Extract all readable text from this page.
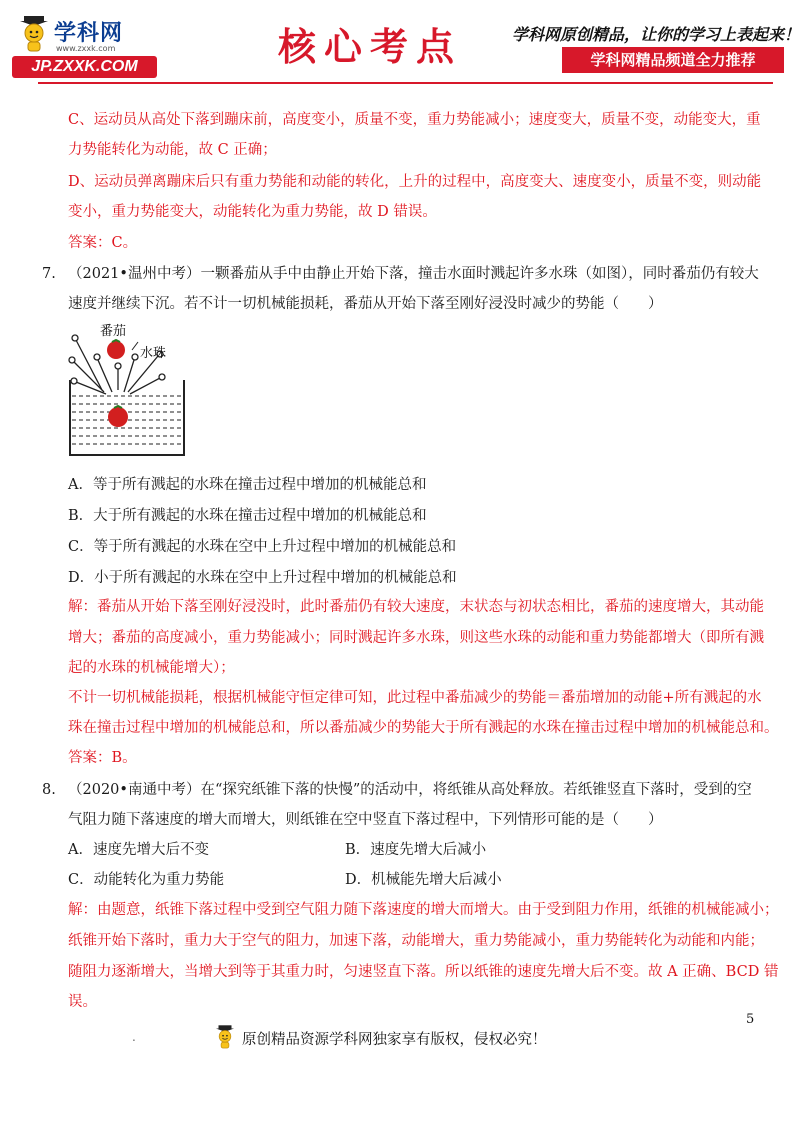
学科网
www.zxxk.com
JP.ZXXK.COM	核心考点	学科网原创精品，让你的学习上表起来！
学科网精品频道全力推荐
C、运动员从高处下落到蹦床前，高度变小，质量不变，重力势能减小；速度变大，质量不变，动能变大，重
力势能转化为动能，故 C 正确；
D、运动员弹离蹦床后只有重力势能和动能的转化，上升的过程中，高度变大、速度变小，质量不变，则动能
变小，重力势能变大，动能转化为重力势能，故 D 错误。
答案：C。
7. （2021•温州中考）一颗番茄从手中由静止开始下落，撞击水面时溅起许多水珠（如图），同时番茄仍有较大
速度并继续下沉。若不计一切机械能损耗，番茄从开始下落至刚好浸没时减少的势能（　　）
番茄
水珠
A．等于所有溅起的水珠在撞击过程中增加的机械能总和
B．大于所有溅起的水珠在撞击过程中增加的机械能总和
C．等于所有溅起的水珠在空中上升过程中增加的机械能总和
D．小于所有溅起的水珠在空中上升过程中增加的机械能总和
解：番茄从开始下落至刚好浸没时，此时番茄仍有较大速度，末状态与初状态相比，番茄的速度增大，其动能
增大；番茄的高度减小，重力势能减小；同时溅起许多水珠，则这些水珠的动能和重力势能都增大（即所有溅
起的水珠的机械能增大）；
不计一切机械能损耗，根据机械能守恒定律可知，此过程中番茄减少的势能＝番茄增加的动能+所有溅起的水
珠在撞击过程中增加的机械能总和，所以番茄减少的势能大于所有溅起的水珠在撞击过程中增加的机械能总和。
答案：B。
8. （2020•南通中考）在“探究纸锥下落的快慢”的活动中，将纸锥从高处释放。若纸锥竖直下落时，受到的空
气阻力随下落速度的增大而增大，则纸锥在空中竖直下落过程中，下列情形可能的是（　　）
A．速度先增大后不变	B．速度先增大后减小
C．动能转化为重力势能	D．机械能先增大后减小
解：由题意，纸锥下落过程中受到空气阻力随下落速度的增大而增大。由于受到阻力作用，纸锥的机械能减小；
纸锥开始下落时，重力大于空气的阻力，加速下落，动能增大，重力势能减小，重力势能转化为动能和内能；
随阻力逐渐增大，当增大到等于其重力时，匀速竖直下落。所以纸锥的速度先增大后不变。故 A 正确、BCD 错
误。
5
.	原创精品资源学科网独家享有版权，侵权必究！
